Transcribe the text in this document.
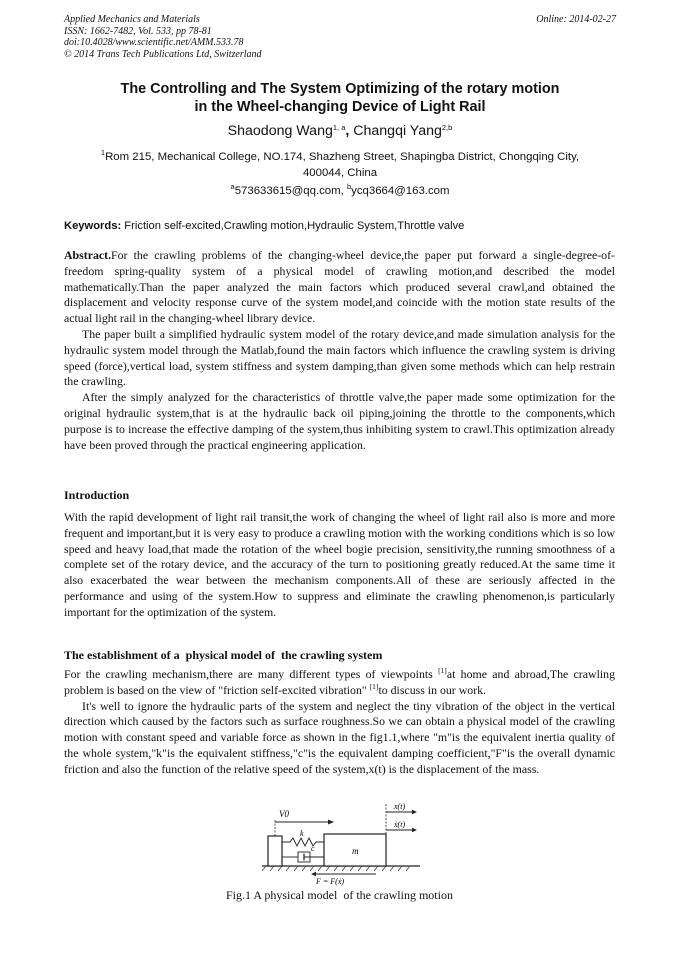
Applied Mechanics and Materials
ISSN: 1662-7482, Vol. 533, pp 78-81
doi:10.4028/www.scientific.net/AMM.533.78
© 2014 Trans Tech Publications Ltd, Switzerland
Online: 2014-02-27
The Controlling and The System Optimizing of the rotary motion
in the Wheel-changing Device of Light Rail
Shaodong Wang$^{1, a}$, Changqi Yang$^{2,b}$
$^1$Rom 215, Mechanical College, NO.174, Shazheng Street, Shapingba District, Chongqing City,
400044, China
$^a$573633615@qq.com, $^b$ycq3664@163.com
Keywords: Friction self-excited,Crawling motion,Hydraulic System,Throttle valve

Abstract.For the crawling problems of the changing-wheel device,the paper put forward a single-degree-of-freedom spring-quality system of a physical model of crawling motion,and described the model mathematically.Than the paper analyzed the main factors which produced several crawl,and obtained the displacement and velocity response curve of the system model,and coincide with the motion state results of the actual light rail in the changing-wheel library device.

The paper built a simplified hydraulic system model of the rotary device,and made simulation analysis for the hydraulic system model through the Matlab,found the main factors which influence the crawling system is driving speed (force),vertical load, system stiffness and system damping,than given some methods which can help restrain the crawling.

After the simply analyzed for the characteristics of throttle valve,the paper made some optimization for the original hydraulic system,that is at the hydraulic back oil piping,joining the throttle to the components,which purpose is to increase the effective damping of the system,thus inhibiting system to crawl.This optimization already have been proved through the practical engineering application.

Introduction

With the rapid development of light rail transit,the work of changing the wheel of light rail also is more and more frequent and important,but it is very easy to produce a crawling motion with the working conditions which is so low speed and heavy load,that made the rotation of the wheel bogie precision, sensitivity,the running smoothness of a complete set of the rotary device, and the accuracy of the turn to positioning greatly reduced.At the same time it also exacerbated the wear between the mechanism components.All of these are seriously affected in the performance and using of the system.How to suppress and eliminate the crawling phenomenon,is particularly important for the optimization of the system.

The establishment of a  physical model of  the crawling system

For the crawling mechanism,there are many different types of viewpoints [1]at home and abroad,The crawling problem is based on the view of "friction self-excited vibration" [1]to discuss in our work.

It's well to ignore the hydraulic parts of the system and neglect the tiny vibration of the object in the vertical direction which caused by the factors such as surface roughness.So we can obtain a physical model of the crawling motion with constant speed and variable force as shown in the fig1.1,where "m"is the equivalent inertia quality of the whole system,"k"is the equivalent stiffness,"c"is the equivalent damping coefficient,"F"is the overall dynamic friction and also the function of the relative speed of the system,x(t) is the displacement of the mass.

V0
k
c	m
x(t)
ẋ(t)
F = F(ẋ)
Fig.1 A physical model  of the crawling motion
